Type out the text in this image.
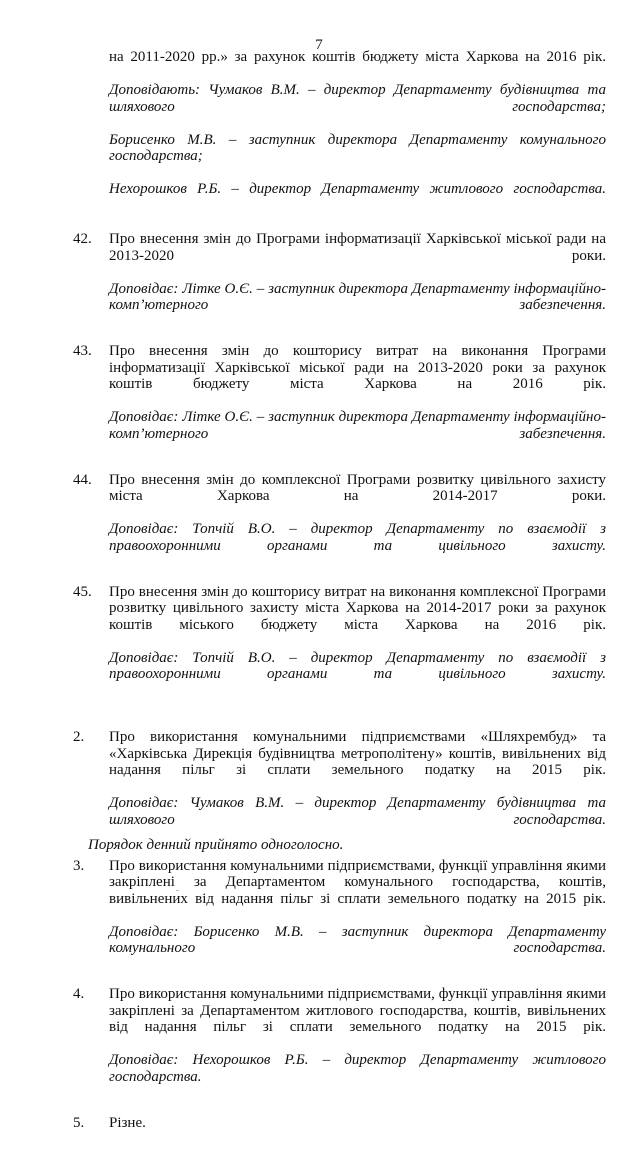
7

на 2011-2020 рр.» за рахунок коштів бюджету міста Харкова на 2016 рік.

Доповідають: Чумаков В.М. – директор Департаменту будівництва та шляхового господарства;

Борисенко М.В. – заступник директора Департаменту комунального господарства;

Нехорошков Р.Б. – директор Департаменту житлового господарства.

42. Про внесення змін до Програми інформатизації Харківської міської ради на 2013-2020 роки.

Доповідає: Літке О.Є. – заступник директора Департаменту інформаційно-комп’ютерного забезпечення.

43. Про внесення змін до кошторису витрат на виконання Програми інформатизації Харківської міської ради на 2013-2020 роки за рахунок коштів бюджету міста Харкова на 2016 рік.

Доповідає: Літке О.Є. – заступник директора Департаменту інформаційно-комп’ютерного забезпечення.

44. Про внесення змін до комплексної Програми розвитку цивільного захисту міста Харкова на 2014-2017 роки.

Доповідає: Топчій В.О. – директор Департаменту по взаємодії з правоохоронними органами та цивільного захисту.

45. Про внесення змін до кошторису витрат на виконання комплексної Програми розвитку цивільного захисту міста Харкова на 2014-2017 роки за рахунок коштів міського бюджету міста Харкова на 2016 рік.

Доповідає: Топчій В.О. – директор Департаменту по взаємодії з правоохоронними органами та цивільного захисту.

2. Про використання комунальними підприємствами «Шляхрембуд» та «Харківська Дирекція будівництва метрополітену» коштів, вивільнених від надання пільг зі сплати земельного податку на 2015 рік.

Доповідає: Чумаков В.М. – директор Департаменту будівництва та шляхового господарства.

3. Про використання комунальними підприємствами, функції управління якими закріплені за Департаментом комунального господарства, коштів, вивільнених від надання пільг зі сплати земельного податку на 2015 рік.

Доповідає: Борисенко М.В. – заступник директора Департаменту комунального господарства.

4. Про використання комунальними підприємствами, функції управління якими закріплені за Департаментом житлового господарства, коштів, вивільнених від надання пільг зі сплати земельного податку на 2015 рік.

Доповідає: Нехорошков Р.Б. – директор Департаменту житлового господарства.

5. Різне.

Порядок денний прийнято одноголосно.
